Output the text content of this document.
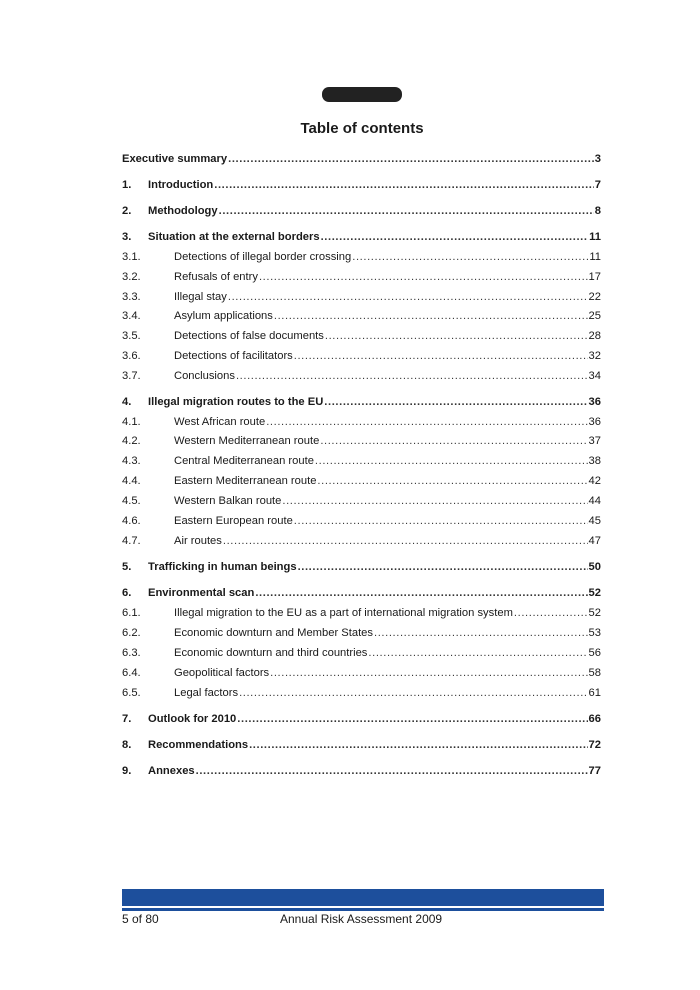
Table of contents
Executive summary .....	3
1.	Introduction .....	7
2.	Methodology .....	8
3.	Situation at the external borders .....	11
3.1.	Detections of illegal border crossing .....	11
3.2.	Refusals of entry .....	17
3.3.	Illegal stay .....	22
3.4.	Asylum applications .....	25
3.5.	Detections of false documents .....	28
3.6.	Detections of facilitators .....	32
3.7.	Conclusions .....	34
4.	Illegal migration routes to the EU .....	36
4.1.	West African route .....	36
4.2.	Western Mediterranean route .....	37
4.3.	Central Mediterranean route .....	38
4.4.	Eastern Mediterranean route .....	42
4.5.	Western Balkan route .....	44
4.6.	Eastern European route .....	45
4.7.	Air routes .....	47
5.	Trafficking in human beings .....	50
6.	Environmental scan .....	52
6.1.	Illegal migration to the EU as a part of international migration system .....	52
6.2.	Economic downturn and Member States .....	53
6.3.	Economic downturn and third countries .....	56
6.4.	Geopolitical factors .....	58
6.5.	Legal factors .....	61
7.	Outlook for 2010 .....	66
8.	Recommendations .....	72
9.	Annexes .....	77
5 of 80	Annual Risk Assessment 2009
